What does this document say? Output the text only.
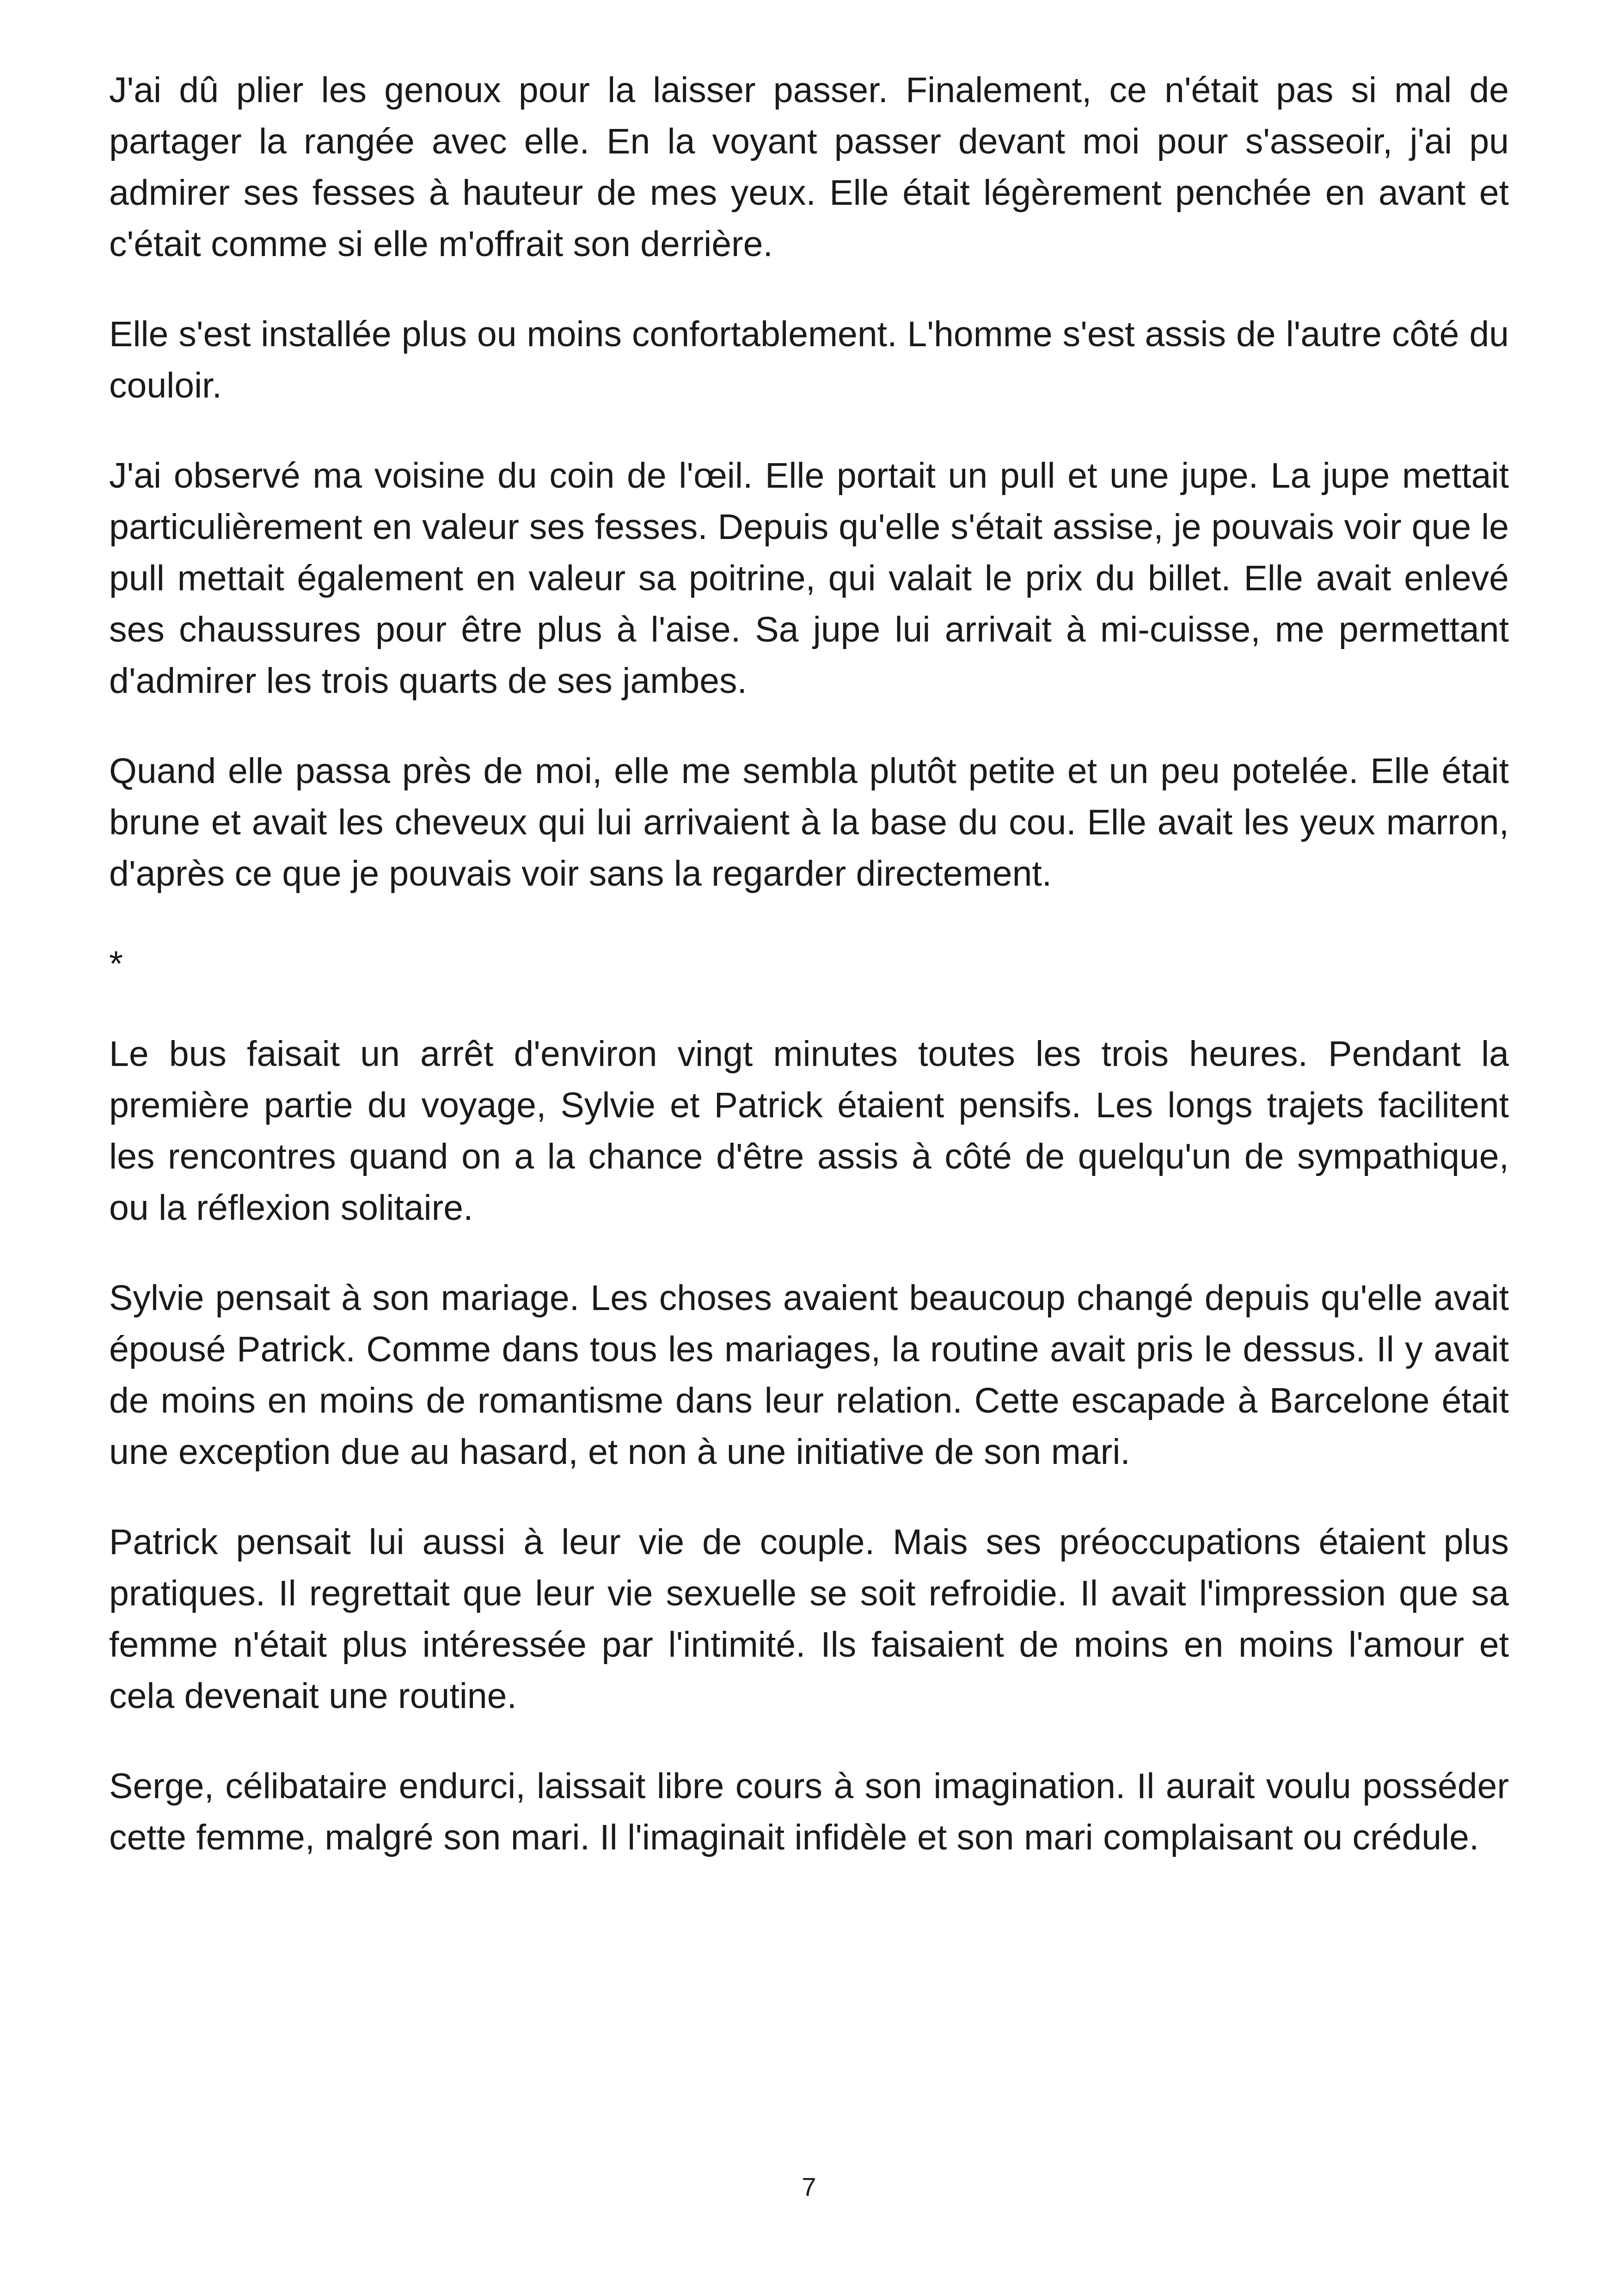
J'ai dû plier les genoux pour la laisser passer. Finalement, ce n'était pas si mal de partager la rangée avec elle. En la voyant passer devant moi pour s'asseoir, j'ai pu admirer ses fesses à hauteur de mes yeux. Elle était légèrement penchée en avant et c'était comme si elle m'offrait son derrière.

Elle s'est installée plus ou moins confortablement. L'homme s'est assis de l'autre côté du couloir.

J'ai observé ma voisine du coin de l'œil. Elle portait un pull et une jupe. La jupe mettait particulièrement en valeur ses fesses. Depuis qu'elle s'était assise, je pouvais voir que le pull mettait également en valeur sa poitrine, qui valait le prix du billet. Elle avait enlevé ses chaussures pour être plus à l'aise. Sa jupe lui arrivait à mi-cuisse, me permettant d'admirer les trois quarts de ses jambes.

Quand elle passa près de moi, elle me sembla plutôt petite et un peu potelée. Elle était brune et avait les cheveux qui lui arrivaient à la base du cou. Elle avait les yeux marron, d'après ce que je pouvais voir sans la regarder directement.

*

Le bus faisait un arrêt d'environ vingt minutes toutes les trois heures. Pendant la première partie du voyage, Sylvie et Patrick étaient pensifs. Les longs trajets facilitent les rencontres quand on a la chance d'être assis à côté de quelqu'un de sympathique, ou la réflexion solitaire.

Sylvie pensait à son mariage. Les choses avaient beaucoup changé depuis qu'elle avait épousé Patrick. Comme dans tous les mariages, la routine avait pris le dessus. Il y avait de moins en moins de romantisme dans leur relation. Cette escapade à Barcelone était une exception due au hasard, et non à une initiative de son mari.

Patrick pensait lui aussi à leur vie de couple. Mais ses préoccupations étaient plus pratiques. Il regrettait que leur vie sexuelle se soit refroidie. Il avait l'impression que sa femme n'était plus intéressée par l'intimité. Ils faisaient de moins en moins l'amour et cela devenait une routine.

Serge, célibataire endurci, laissait libre cours à son imagination. Il aurait voulu posséder cette femme, malgré son mari. Il l'imaginait infidèle et son mari complaisant ou crédule.

7
